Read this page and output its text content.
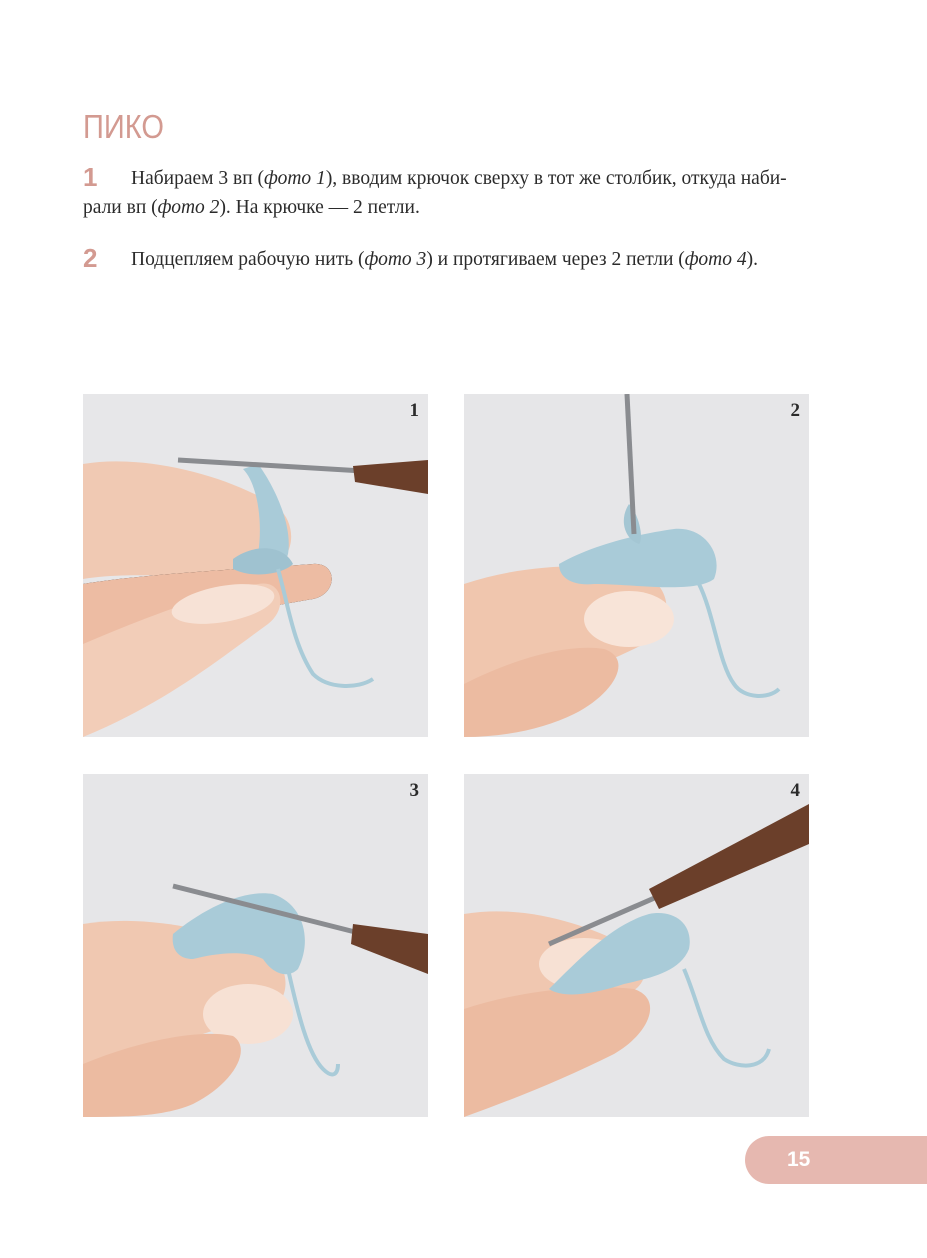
ПИКО
1 Набираем 3 вп (фото 1), вводим крючок сверху в тот же столбик, откуда наби-
рали вп (фото 2). На крючке — 2 петли.
2 Подцепляем рабочую нить (фото 3) и протягиваем через 2 петли (фото 4).
1	2
3	4
15
